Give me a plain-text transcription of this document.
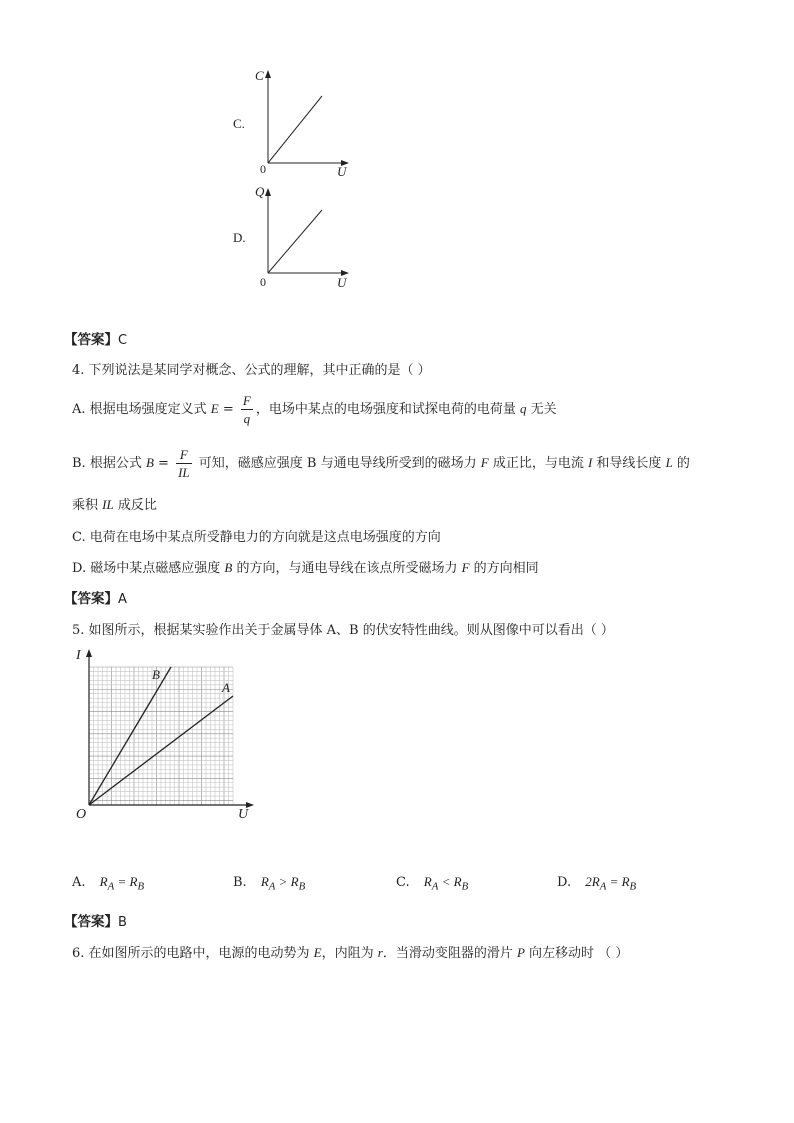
C.
C
0	U
D.
Q
0	U
【答案】C
4. 下列说法是某同学对概念、公式的理解，其中正确的是（ ）
A. 根据电场强度定义式 $E = \frac{F}{q}$ ，电场中某点的电场强度和试探电荷的电荷量 q 无关
B. 根据公式 $B = \frac{F}{IL}$ 可知，磁感应强度 B 与通电导线所受到的磁场力 F 成正比，与电流 I 和导线长度 L 的
乘积 IL 成反比
C. 电荷在电场中某点所受静电力的方向就是这点电场强度的方向
D. 磁场中某点磁感应强度 B 的方向，与通电导线在该点所受磁场力 F 的方向相同
【答案】A
5. 如图所示，根据某实验作出关于金属导体 A、B 的伏安特性曲线。则从图像中可以看出（ ）
I
B
A
O	U
A. $R_A = R_B$	B. $R_A > R_B$	C. $R_A < R_B$	D. $2R_A = R_B$
【答案】B
6. 在如图所示的电路中，电源的电动势为 E，内阻为 r．当滑动变阻器的滑片 P 向左移动时 （ ）
